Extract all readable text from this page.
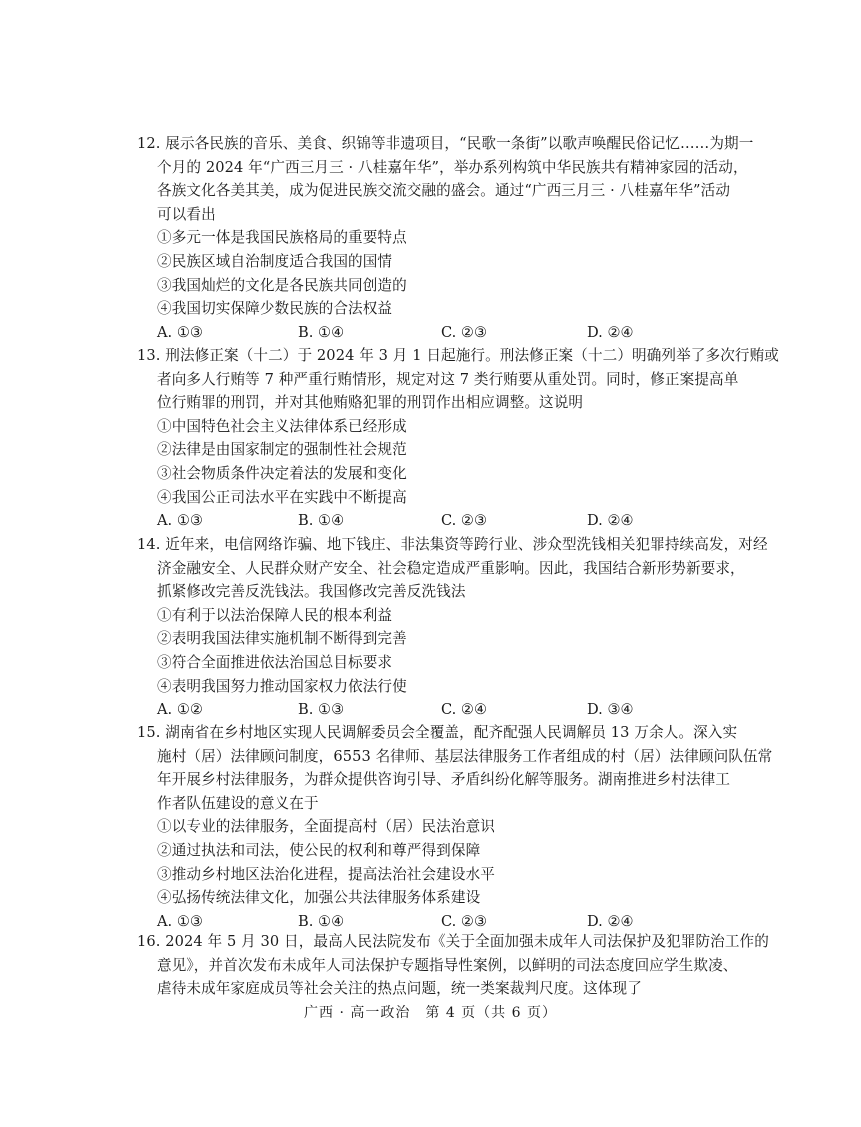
12. 展示各民族的音乐、美食、织锦等非遗项目，“民歌一条街”以歌声唤醒民俗记忆……为期一
个月的 2024 年“广西三月三 · 八桂嘉年华”，举办系列构筑中华民族共有精神家园的活动，
各族文化各美其美，成为促进民族交流交融的盛会。通过“广西三月三 · 八桂嘉年华”活动
可以看出
①多元一体是我国民族格局的重要特点
②民族区域自治制度适合我国的国情
③我国灿烂的文化是各民族共同创造的
④我国切实保障少数民族的合法权益
A. ①③	B. ①④	C. ②③	D. ②④
13. 刑法修正案（十二）于 2024 年 3 月 1 日起施行。刑法修正案（十二）明确列举了多次行贿或
者向多人行贿等 7 种严重行贿情形，规定对这 7 类行贿要从重处罚。同时，修正案提高单
位行贿罪的刑罚，并对其他贿赂犯罪的刑罚作出相应调整。这说明
①中国特色社会主义法律体系已经形成
②法律是由国家制定的强制性社会规范
③社会物质条件决定着法的发展和变化
④我国公正司法水平在实践中不断提高
A. ①③	B. ①④	C. ②③	D. ②④
14. 近年来，电信网络诈骗、地下钱庄、非法集资等跨行业、涉众型洗钱相关犯罪持续高发，对经
济金融安全、人民群众财产安全、社会稳定造成严重影响。因此，我国结合新形势新要求，
抓紧修改完善反洗钱法。我国修改完善反洗钱法
①有利于以法治保障人民的根本利益
②表明我国法律实施机制不断得到完善
③符合全面推进依法治国总目标要求
④表明我国努力推动国家权力依法行使
A. ①②	B. ①③	C. ②④	D. ③④
15. 湖南省在乡村地区实现人民调解委员会全覆盖，配齐配强人民调解员 13 万余人。深入实
施村（居）法律顾问制度，6553 名律师、基层法律服务工作者组成的村（居）法律顾问队伍常
年开展乡村法律服务，为群众提供咨询引导、矛盾纠纷化解等服务。湖南推进乡村法律工
作者队伍建设的意义在于
①以专业的法律服务，全面提高村（居）民法治意识
②通过执法和司法，使公民的权利和尊严得到保障
③推动乡村地区法治化进程，提高法治社会建设水平
④弘扬传统法律文化，加强公共法律服务体系建设
A. ①③	B. ①④	C. ②③	D. ②④
16. 2024 年 5 月 30 日，最高人民法院发布《关于全面加强未成年人司法保护及犯罪防治工作的
意见》，并首次发布未成年人司法保护专题指导性案例，以鲜明的司法态度回应学生欺凌、
虐待未成年家庭成员等社会关注的热点问题，统一类案裁判尺度。这体现了
广西 · 高一政治　第 4 页（共 6 页）
